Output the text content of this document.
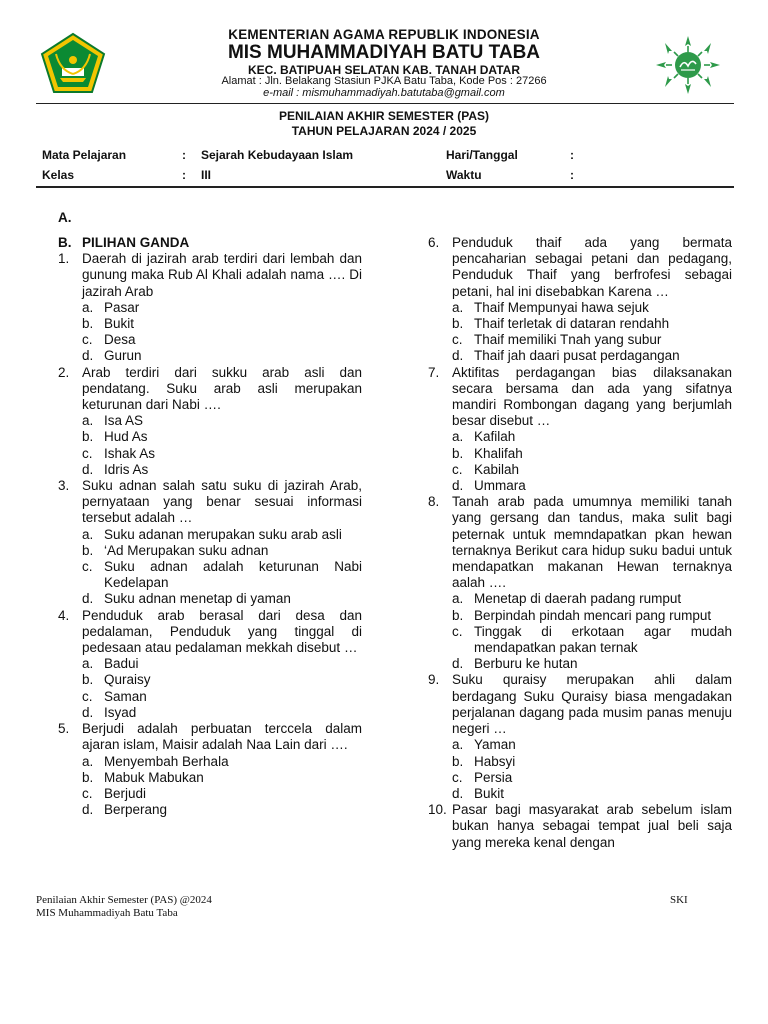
KEMENTERIAN AGAMA REPUBLIK INDONESIA
MIS MUHAMMADIYAH BATU TABA
KEC. BATIPUAH SELATAN KAB. TANAH DATAR
Alamat : Jln. Belakang Stasiun PJKA Batu Taba, Kode Pos : 27266
e-mail : mismuhammadiyah.batutaba@gmail.com
PENILAIAN AKHIR SEMESTER (PAS)
TAHUN PELAJARAN 2024 / 2025
Mata Pelajaran	: Sejarah Kebudayaan Islam	Hari/Tanggal	:
Kelas	: III	Waktu	:
A.
B. PILIHAN GANDA
1. Daerah di jazirah arab terdiri dari lembah dan gunung maka Rub Al Khali adalah nama …. Di jazirah Arab
a. Pasar
b. Bukit
c. Desa
d. Gurun
2. Arab terdiri dari sukku arab asli dan pendatang. Suku arab asli merupakan keturunan dari Nabi ….
a. Isa AS
b. Hud As
c. Ishak As
d. Idris As
3. Suku adnan salah satu suku di jazirah Arab, pernyataan yang benar sesuai informasi tersebut adalah …
a. Suku adanan merupakan suku arab asli
b. ‘Ad Merupakan suku adnan
c. Suku adnan adalah keturunan Nabi Kedelapan
d. Suku adnan menetap di yaman
4. Penduduk arab berasal dari desa dan pedalaman, Penduduk yang tinggal di pedesaan atau pedalaman mekkah disebut …
a. Badui
b. Quraisy
c. Saman
d. Isyad
5. Berjudi adalah perbuatan terccela dalam ajaran islam, Maisir adalah Naa Lain dari ….
a. Menyembah Berhala
b. Mabuk Mabukan
c. Berjudi
d. Berperang
6. Penduduk thaif ada yang bermata pencaharian sebagai petani dan pedagang, Penduduk Thaif yang berfrofesi sebagai petani, hal ini disebabkan Karena …
a. Thaif Mempunyai hawa sejuk
b. Thaif terletak di dataran rendahh
c. Thaif memiliki Tnah yang subur
d. Thaif jah daari pusat perdagangan
7. Aktifitas perdagangan bias dilaksanakan secara bersama dan ada yang sifatnya mandiri Rombongan dagang yang berjumlah besar disebut …
a. Kafilah
b. Khalifah
c. Kabilah
d. Ummara
8. Tanah arab pada umumnya memiliki tanah yang gersang dan tandus, maka sulit bagi peternak untuk memndapatkan pkan hewan ternaknya Berikut cara hidup suku badui untuk mendapatkan makanan Hewan ternaknya aalah ….
a. Menetap di daerah padang rumput
b. Berpindah pindah mencari pang rumput
c. Tinggak di erkotaan agar mudah mendapatkan pakan ternak
d. Berburu ke hutan
9. Suku quraisy merupakan ahli dalam berdagang Suku Quraisy biasa mengadakan perjalanan dagang pada musim panas menuju negeri …
a. Yaman
b. Habsyi
c. Persia
d. Bukit
10. Pasar bagi masyarakat arab sebelum islam bukan hanya sebagai tempat jual beli saja yang mereka kenal dengan
Penilaian Akhir Semester (PAS) @2024
MIS Muhammadiyah Batu Taba
SKI
